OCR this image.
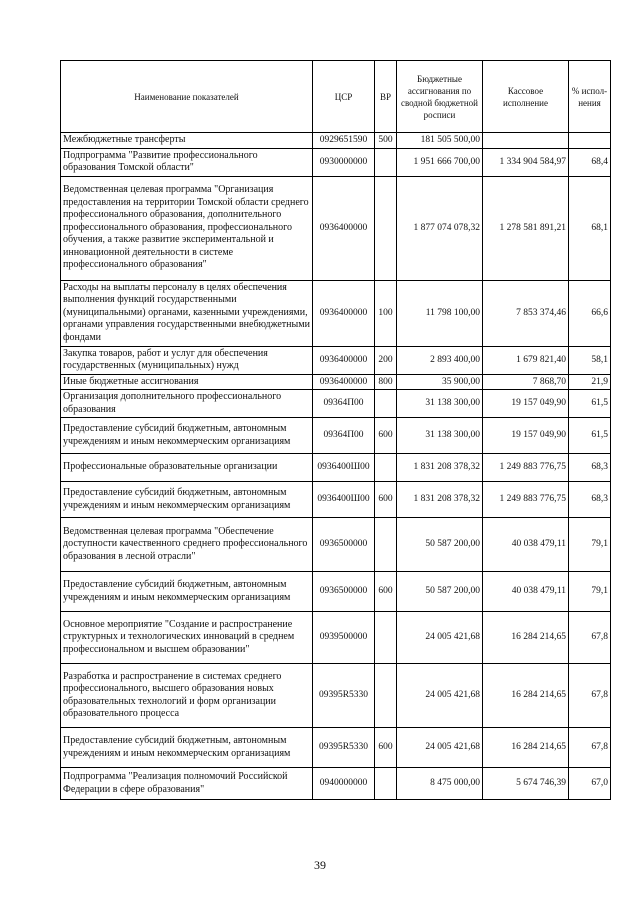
Наименование показателей	ЦСР	ВР	Бюджетные ассигнования по сводной бюджетной росписи	Кассовое исполнение	% испол-нения
Межбюджетные трансферты	0929651590	500	181 505 500,00		
Подпрограмма "Развитие профессионального образования Томской области"	0930000000		1 951 666 700,00	1 334 904 584,97	68,4
Ведомственная целевая программа "Организация предоставления на территории Томской области среднего профессионального образования, дополнительного профессионального образования, профессионального обучения, а также развитие экспериментальной и инновационной деятельности в системе профессионального образования"	0936400000		1 877 074 078,32	1 278 581 891,21	68,1
Расходы на выплаты персоналу в целях обеспечения выполнения функций государственными (муниципальными) органами, казенными учреждениями, органами управления государственными внебюджетными фондами	0936400000	100	11 798 100,00	7 853 374,46	66,6
Закупка товаров, работ и услуг для обеспечения государственных (муниципальных) нужд	0936400000	200	2 893 400,00	1 679 821,40	58,1
Иные бюджетные ассигнования	0936400000	800	35 900,00	7 868,70	21,9
Организация дополнительного профессионального образования	09364П00		31 138 300,00	19 157 049,90	61,5
Предоставление субсидий бюджетным, автономным учреждениям и иным некоммерческим организациям	09364П00	600	31 138 300,00	19 157 049,90	61,5
Профессиональные образовательные организации	0936400Ш00		1 831 208 378,32	1 249 883 776,75	68,3
Предоставление субсидий бюджетным, автономным учреждениям и иным некоммерческим организациям	0936400Ш00	600	1 831 208 378,32	1 249 883 776,75	68,3
Ведомственная целевая программа "Обеспечение доступности качественного среднего профессионального образования в лесной отрасли"	0936500000		50 587 200,00	40 038 479,11	79,1
Предоставление субсидий бюджетным, автономным учреждениям и иным некоммерческим организациям	0936500000	600	50 587 200,00	40 038 479,11	79,1
Основное мероприятие "Создание и распространение структурных и технологических инноваций в среднем профессиональном и высшем образовании"	0939500000		24 005 421,68	16 284 214,65	67,8
Разработка и распространение в системах среднего профессионального, высшего образования новых образовательных технологий и форм организации образовательного процесса	09395R5330		24 005 421,68	16 284 214,65	67,8
Предоставление субсидий бюджетным, автономным учреждениям и иным некоммерческим организациям	09395R5330	600	24 005 421,68	16 284 214,65	67,8
Подпрограмма "Реализация полномочий Российской Федерации в сфере образования"	0940000000		8 475 000,00	5 674 746,39	67,0
39
